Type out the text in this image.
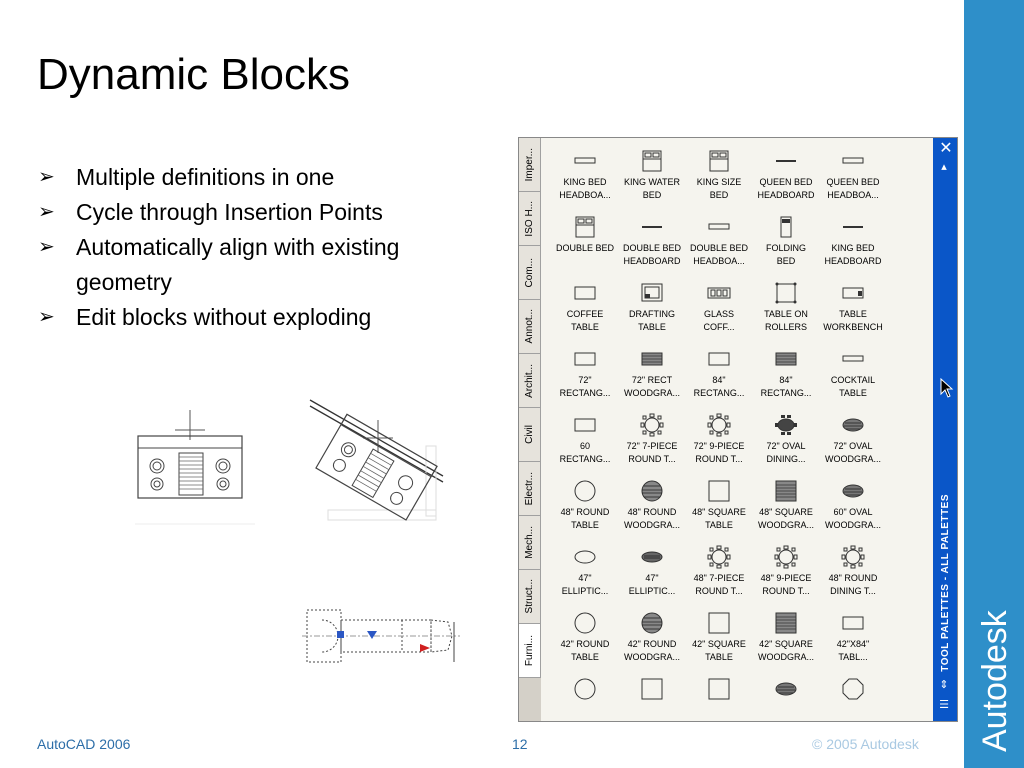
Dynamic Blocks
➢ Multiple definitions in one
➢ Cycle through Insertion Points
➢ Automatically align with existing geometry
➢ Edit blocks without exploding
Imper...
ISO H...
Com...
Annot...
Archit...
Civil
Electr...
Mech...
Struct...
Furni...
KING BED
HEADBOA...
KING WATER
BED
KING SIZE
BED
QUEEN BED
HEADBOARD
QUEEN BED
HEADBOA...
DOUBLE BED DOUBLE BED
HEADBOARD
DOUBLE BED
HEADBOA...
FOLDING
BED
KING BED
HEADBOARD
COFFEE
TABLE
DRAFTING
TABLE
GLASS
COFF...
TABLE ON
ROLLERS
TABLE
WORKBENCH
72"
RECTANG...
72" RECT
WOODGRA...
84"
RECTANG...
84"
RECTANG...
COCKTAIL
TABLE
60
RECTANG...
72" 7-PIECE
ROUND T...
72" 9-PIECE
ROUND T...
72" OVAL
DINING...
72" OVAL
WOODGRA...
48" ROUND
TABLE
48" ROUND
WOODGRA...
48" SQUARE
TABLE
48" SQUARE
WOODGRA...
60" OVAL
WOODGRA...
47"
ELLIPTIC...
47"
ELLIPTIC...
48" 7-PIECE
ROUND T...
48" 9-PIECE
ROUND T...
48" ROUND
DINING T...
42" ROUND
TABLE
42" ROUND
WOODGRA...
42" SQUARE
TABLE
42" SQUARE
WOODGRA...
42"X84"
TABL...
✕
▴
TOOL PALETTES - ALL PALETTES
⇕
☰
AutoCAD 2006	12	© 2005 Autodesk Autodesk
